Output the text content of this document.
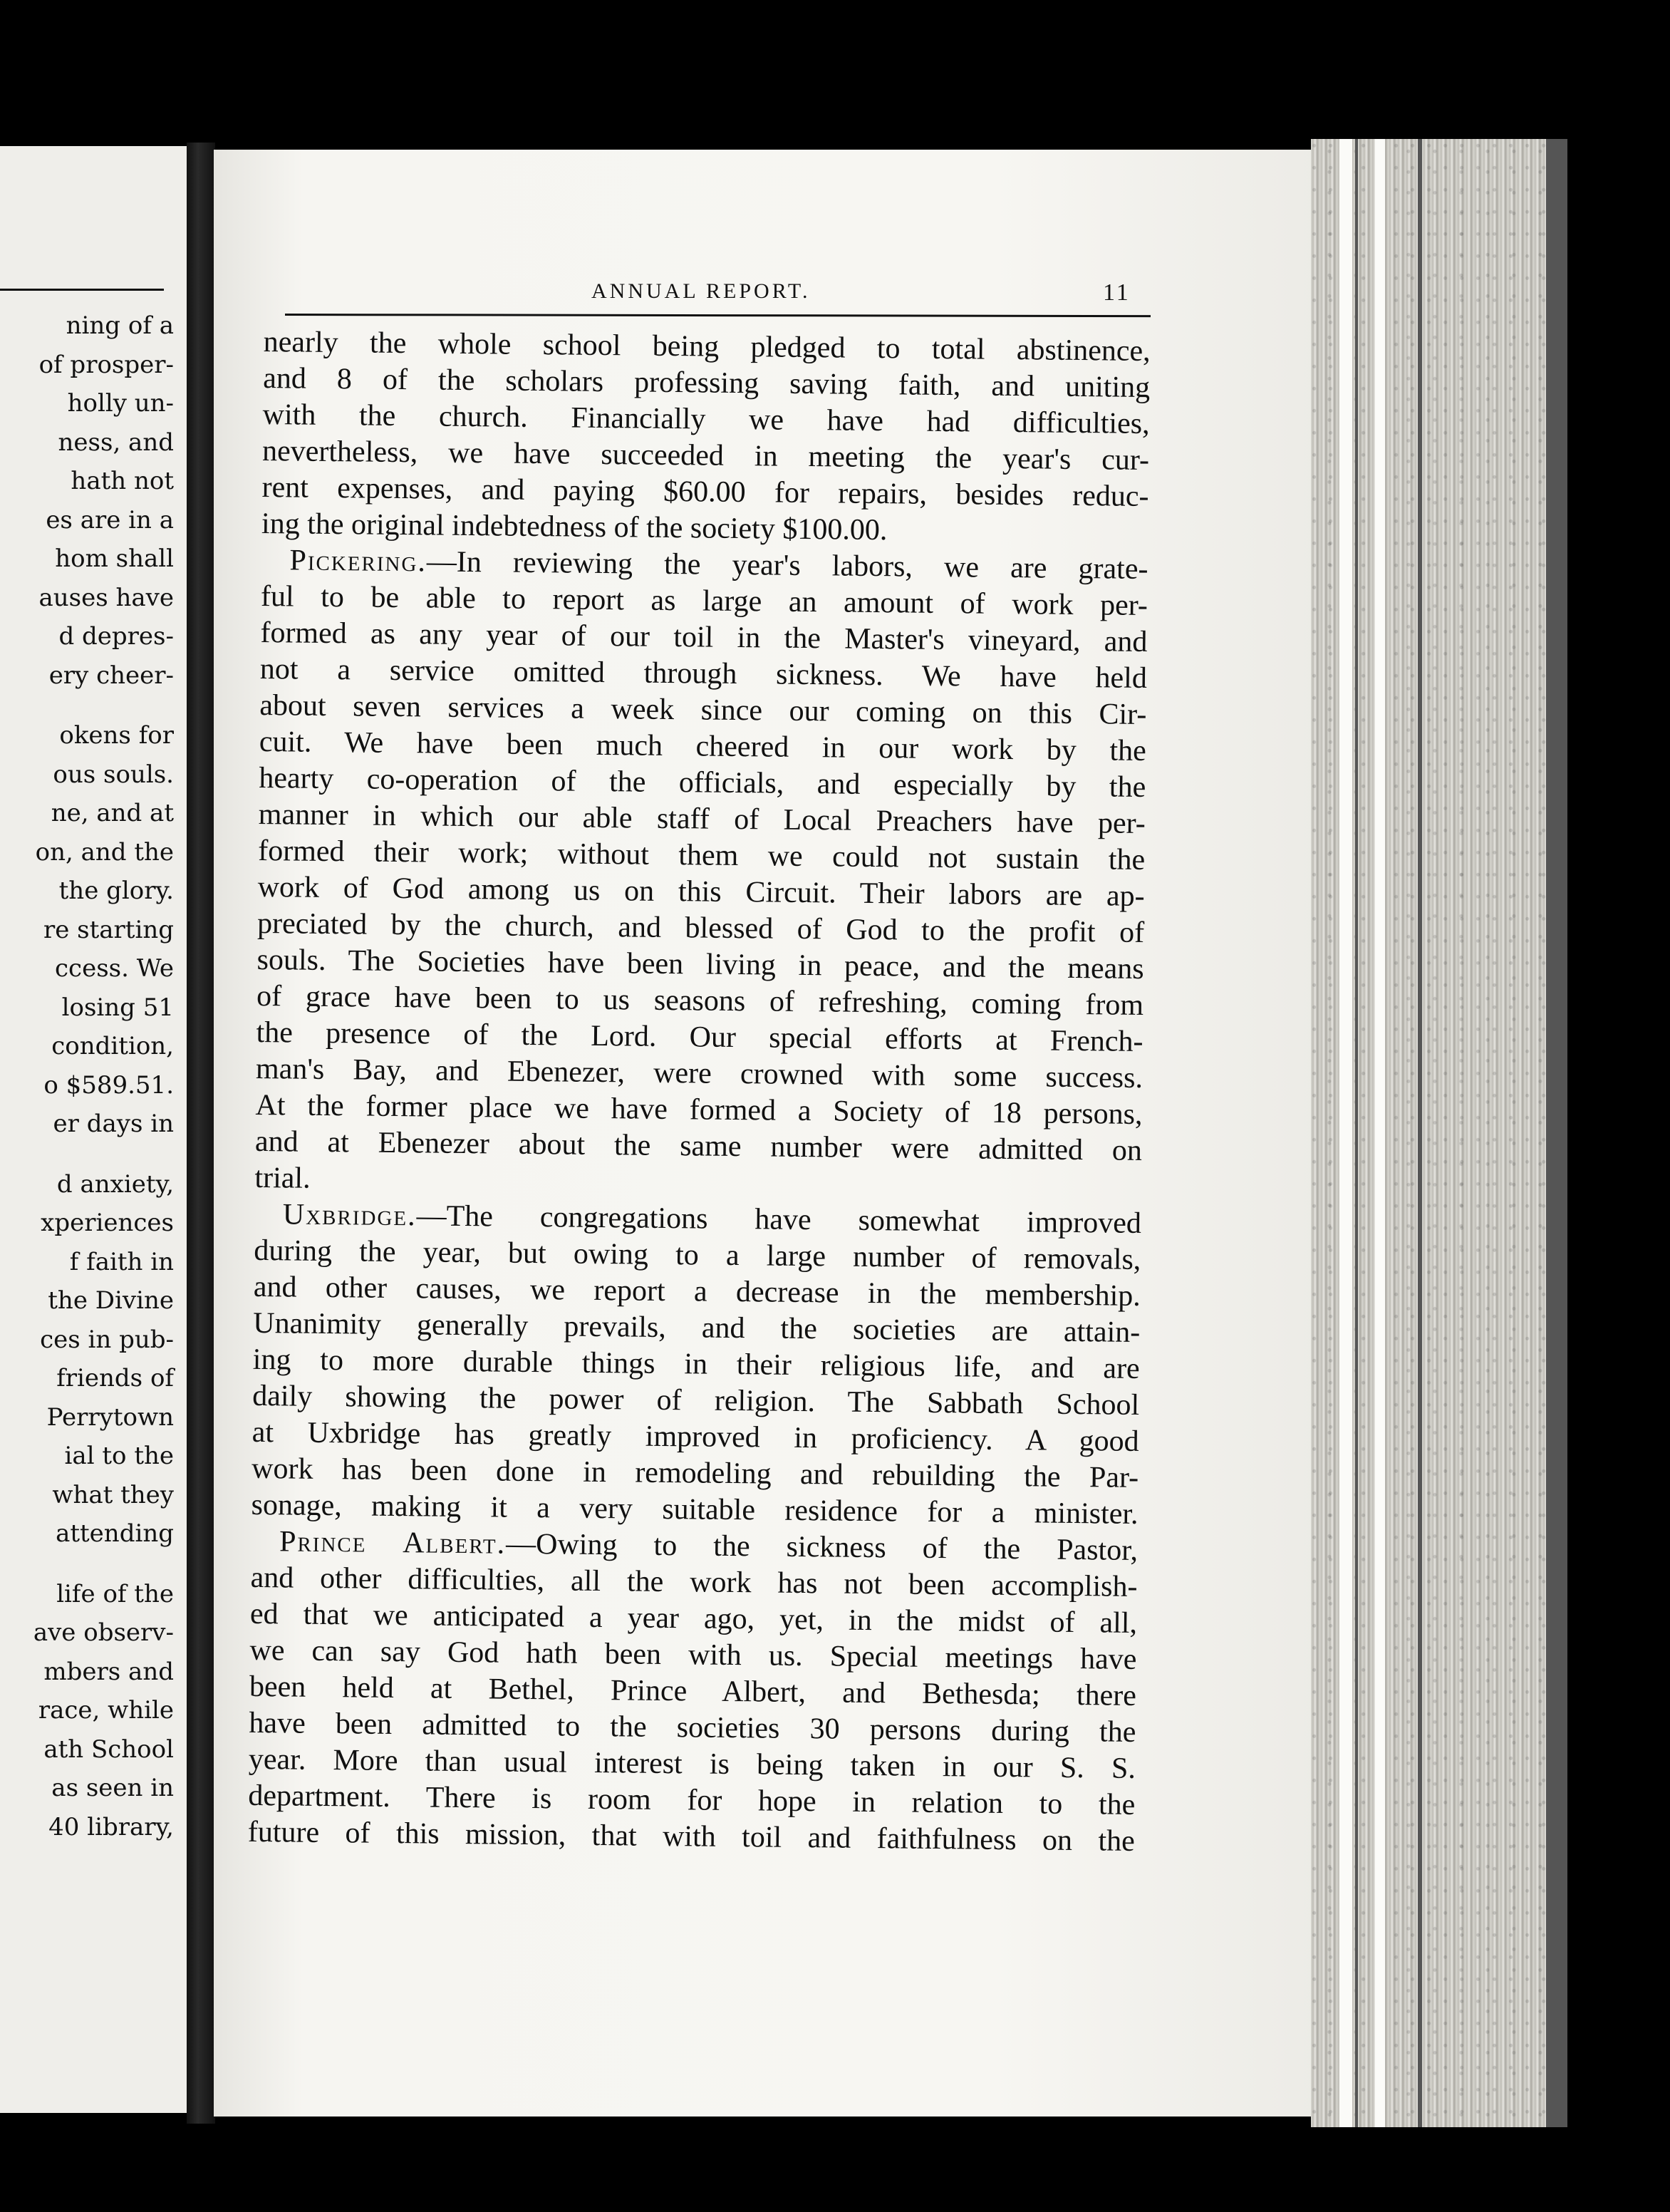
ning of a
of prosper-
holly un-
ness, and
hath not
es are in a
hom shall
auses have
d depres-
ery cheer-
okens for
ous souls.
ne, and at
on, and the
the glory.
re starting
ccess. We
losing 51
condition,
o $589.51.
er days in
d anxiety,
xperiences
f faith in
the Divine
ces in pub-
friends of
Perrytown
ial to the
what they
attending
life of the
ave observ-
mbers and
race, while
ath School
as seen in
40 library,
ANNUAL REPORT.	11
nearly the whole school being pledged to total abstinence,
and 8 of the scholars professing saving faith, and uniting
with the church. Financially we have had difficulties,
nevertheless, we have succeeded in meeting the year's cur-
rent expenses, and paying $60.00 for repairs, besides reduc-
ing the original indebtedness of the society $100.00.
Pickering.—In reviewing the year's labors, we are grate-
ful to be able to report as large an amount of work per-
formed as any year of our toil in the Master's vineyard, and
not a service omitted through sickness. We have held
about seven services a week since our coming on this Cir-
cuit. We have been much cheered in our work by the
hearty co-operation of the officials, and especially by the
manner in which our able staff of Local Preachers have per-
formed their work; without them we could not sustain the
work of God among us on this Circuit. Their labors are ap-
preciated by the church, and blessed of God to the profit of
souls. The Societies have been living in peace, and the means
of grace have been to us seasons of refreshing, coming from
the presence of the Lord. Our special efforts at French-
man's Bay, and Ebenezer, were crowned with some success.
At the former place we have formed a Society of 18 persons,
and at Ebenezer about the same number were admitted on
trial.
Uxbridge.—The congregations have somewhat improved
during the year, but owing to a large number of removals,
and other causes, we report a decrease in the membership.
Unanimity generally prevails, and the societies are attain-
ing to more durable things in their religious life, and are
daily showing the power of religion. The Sabbath School
at Uxbridge has greatly improved in proficiency. A good
work has been done in remodeling and rebuilding the Par-
sonage, making it a very suitable residence for a minister.
Prince Albert.—Owing to the sickness of the Pastor,
and other difficulties, all the work has not been accomplish-
ed that we anticipated a year ago, yet, in the midst of all,
we can say God hath been with us. Special meetings have
been held at Bethel, Prince Albert, and Bethesda; there
have been admitted to the societies 30 persons during the
year. More than usual interest is being taken in our S. S.
department. There is room for hope in relation to the
future of this mission, that with toil and faithfulness on the
